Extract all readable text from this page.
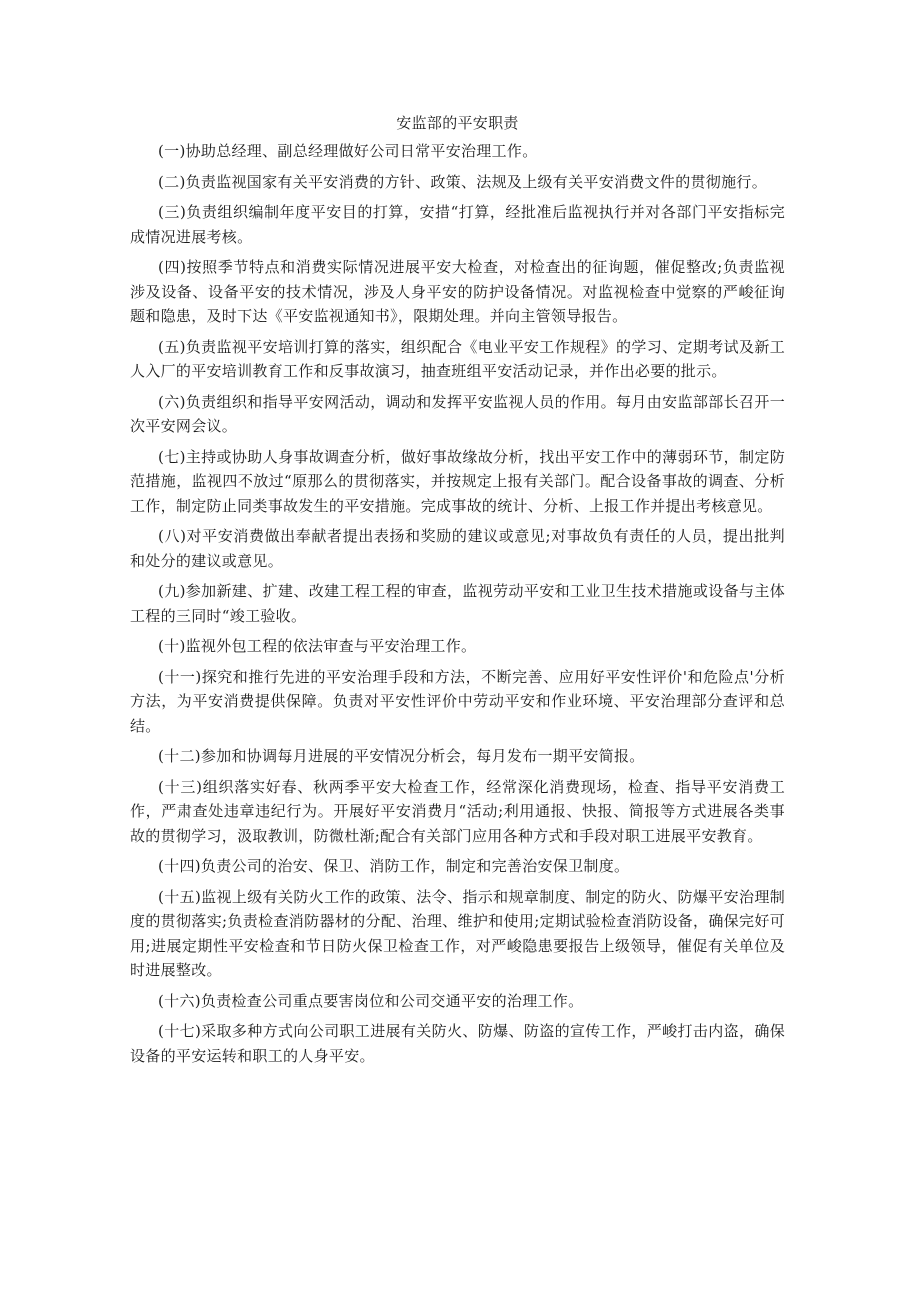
安监部的平安职责
(一)协助总经理、副总经理做好公司日常平安治理工作。
(二)负责监视国家有关平安消费的方针、政策、法规及上级有关平安消费文件的贯彻施行。
(三)负责组织编制年度平安目的打算，安措“打算，经批准后监视执行并对各部门平安指标完成情况进展考核。
(四)按照季节特点和消费实际情况进展平安大检查，对检查出的征询题，催促整改;负责监视涉及设备、设备平安的技术情况，涉及人身平安的防护设备情况。对监视检查中觉察的严峻征询题和隐患，及时下达《平安监视通知书》，限期处理。并向主管领导报告。
(五)负责监视平安培训打算的落实，组织配合《电业平安工作规程》的学习、定期考试及新工人入厂的平安培训教育工作和反事故演习，抽查班组平安活动记录，并作出必要的批示。
(六)负责组织和指导平安网活动，调动和发挥平安监视人员的作用。每月由安监部部长召开一次平安网会议。
(七)主持或协助人身事故调查分析，做好事故缘故分析，找出平安工作中的薄弱环节，制定防范措施，监视四不放过“原那么的贯彻落实，并按规定上报有关部门。配合设备事故的调查、分析工作，制定防止同类事故发生的平安措施。完成事故的统计、分析、上报工作并提出考核意见。
(八)对平安消费做出奉献者提出表扬和奖励的建议或意见;对事故负有责任的人员，提出批判和处分的建议或意见。
(九)参加新建、扩建、改建工程工程的审查，监视劳动平安和工业卫生技术措施或设备与主体工程的三同时“竣工验收。
(十)监视外包工程的依法审查与平安治理工作。
(十一)探究和推行先进的平安治理手段和方法，不断完善、应用好平安性评价'和危险点'分析方法，为平安消费提供保障。负责对平安性评价中劳动平安和作业环境、平安治理部分查评和总结。
(十二)参加和协调每月进展的平安情况分析会，每月发布一期平安简报。
(十三)组织落实好春、秋两季平安大检查工作，经常深化消费现场，检查、指导平安消费工作，严肃查处违章违纪行为。开展好平安消费月“活动;利用通报、快报、简报等方式进展各类事故的贯彻学习，汲取教训，防微杜渐;配合有关部门应用各种方式和手段对职工进展平安教育。
(十四)负责公司的治安、保卫、消防工作，制定和完善治安保卫制度。
(十五)监视上级有关防火工作的政策、法令、指示和规章制度、制定的防火、防爆平安治理制度的贯彻落实;负责检查消防器材的分配、治理、维护和使用;定期试验检查消防设备，确保完好可用;进展定期性平安检查和节日防火保卫检查工作，对严峻隐患要报告上级领导，催促有关单位及时进展整改。
(十六)负责检查公司重点要害岗位和公司交通平安的治理工作。
(十七)采取多种方式向公司职工进展有关防火、防爆、防盗的宣传工作，严峻打击内盗，确保设备的平安运转和职工的人身平安。
